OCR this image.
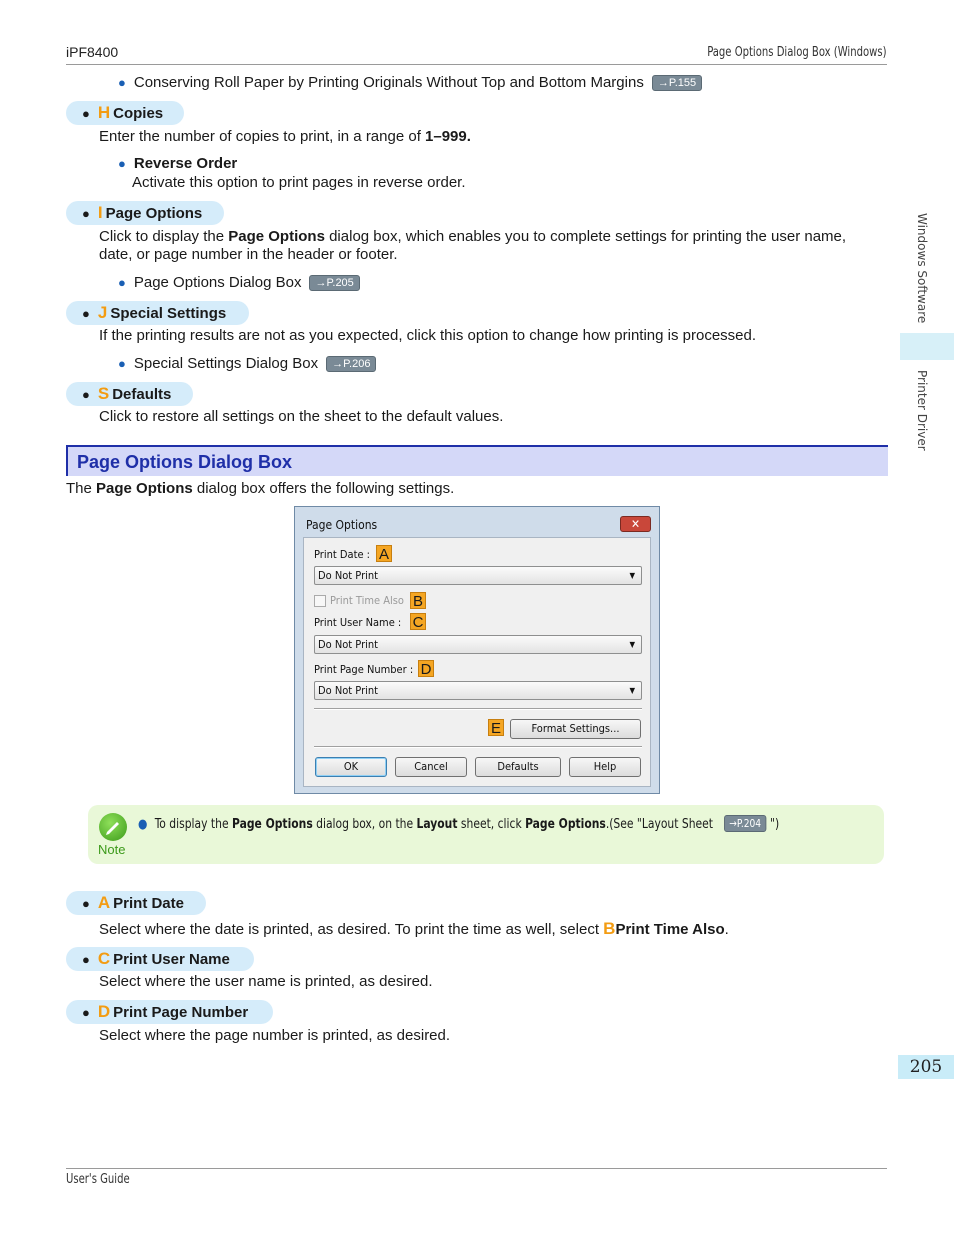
iPF8400	Page Options Dialog Box (Windows)
Windows Software
Printer Driver
● Conserving Roll Paper by Printing Originals Without Top and Bottom Margins →P.155
● H Copies
Enter the number of copies to print, in a range of 1–999.
● Reverse Order
Activate this option to print pages in reverse order.
● I Page Options
Click to display the Page Options dialog box, which enables you to complete settings for printing the user name,
date, or page number in the header or footer.
● Page Options Dialog Box →P.205
● J Special Settings
If the printing results are not as you expected, click this option to change how printing is processed.
● Special Settings Dialog Box →P.206
● S Defaults
Click to restore all settings on the sheet to the default values.
Page Options Dialog Box
The Page Options dialog box offers the following settings.
Page Options	✕
Print Date : A
Do Not Print	▼
Print Time Also B
Print User Name : C
Do Not Print	▼
Print Page Number : D
Do Not Print	▼
E	Format Settings...
OK	Cancel	Defaults	Help
Note
● To display the Page Options dialog box, on the Layout sheet, click Page Options.(See "Layout Sheet →P.204 ")
● A Print Date
Select where the date is printed, as desired. To print the time as well, select BPrint Time Also.
● C Print User Name
Select where the user name is printed, as desired.
● D Print Page Number
Select where the page number is printed, as desired.
205
User's Guide
